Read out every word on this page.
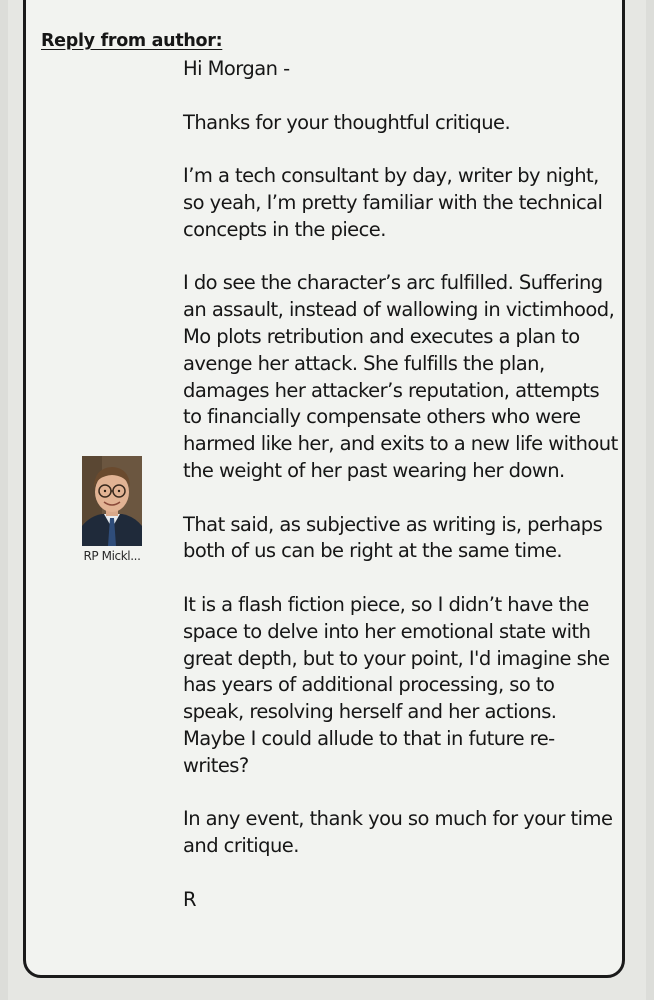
Reply from author:
RP Mickl...

Hi Morgan -

Thanks for your thoughtful critique.

I’m a tech consultant by day, writer by night, so yeah, I’m pretty familiar with the technical concepts in the piece.

I do see the character’s arc fulfilled. Suffering an assault, instead of wallowing in victimhood, Mo plots retribution and executes a plan to avenge her attack. She fulfills the plan, damages her attacker’s reputation, attempts to financially compensate others who were harmed like her, and exits to a new life without the weight of her past wearing her down.

That said, as subjective as writing is, perhaps both of us can be right at the same time.

It is a flash fiction piece, so I didn’t have the space to delve into her emotional state with great depth, but to your point, I'd imagine she has years of additional processing, so to speak, resolving herself and her actions. Maybe I could allude to that in future re-writes?

In any event, thank you so much for your time and critique.

R
